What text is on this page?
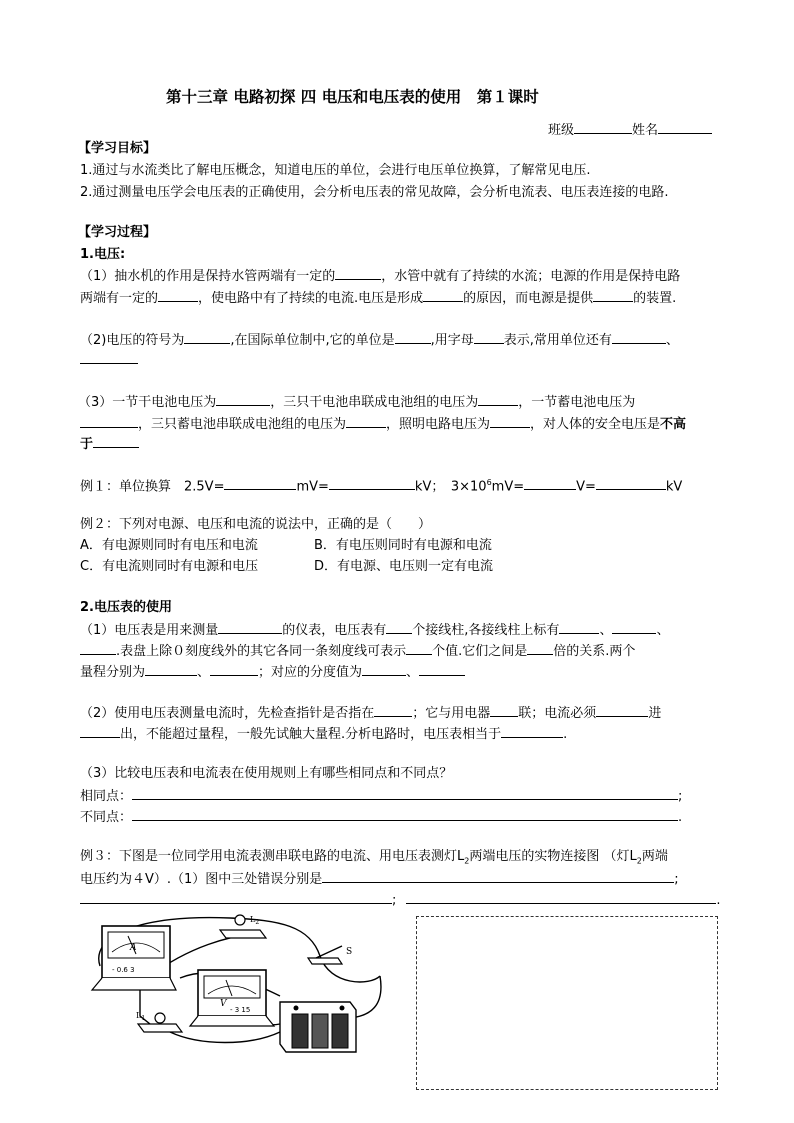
第十三章 电路初探 四 电压和电压表的使用　第１课时
班级	姓名
【学习目标】
1.通过与水流类比了解电压概念，知道电压的单位，会进行电压单位换算，了解常见电压.
2.通过测量电压学会电压表的正确使用，会分析电压表的常见故障，会分析电流表、电压表连接的电路.
【学习过程】
1.电压:
（1）抽水机的作用是保持水管两端有一定的	，水管中就有了持续的水流；电源的作用是保持电路
两端有一定的	，使电路中有了持续的电流.电压是形成	的原因，而电源是提供	的装置.
（2)电压的符号为	,在国际单位制中,它的单位是	,用字母 表示,常用单位还有	、
（3）一节干电池电压为	，三只干电池串联成电池组的电压为	，一节蓄电池电压为
，三只蓄电池串联成电池组的电压为	，照明电路电压为	，对人体的安全电压是不高
于
例１：单位换算　2.5V=	mV=	kV；　$3\times 10^6mV=$	V=	kV
例２：下列对电源、电压和电流的说法中，正确的是（　　）
A．有电源则同时有电压和电流	B．有电压则同时有电源和电流
C．有电流则同时有电源和电压	D．有电源、电压则一定有电流
2.电压表的使用
（1）电压表是用来测量	的仪表，电压表有 个接线柱,各接线柱上标有	、	、
.表盘上除０刻度线外的其它各同一条刻度线可表示 个值.它们之间是 倍的关系.两个
量程分别为	、	；对应的分度值为	、
（2）使用电压表测量电流时，先检查指针是否指在	；它与用电器 联；电流必须	进
出，不能超过量程，一般先试触大量程.分析电路时，电压表相当于	.
（3）比较电压表和电流表在使用规则上有哪些相同点和不同点？
相同点：	;
不同点：	.
例３：下图是一位同学用电流表测串联电路的电流、用电压表测灯$L_2$两端电压的实物连接图 （灯$L_2$两端
电压约为４V）.（1）图中三处错误分别是	;
;	.
A
- 0.6 3
$L_2$
S
V
- 3 15
$L_1$
